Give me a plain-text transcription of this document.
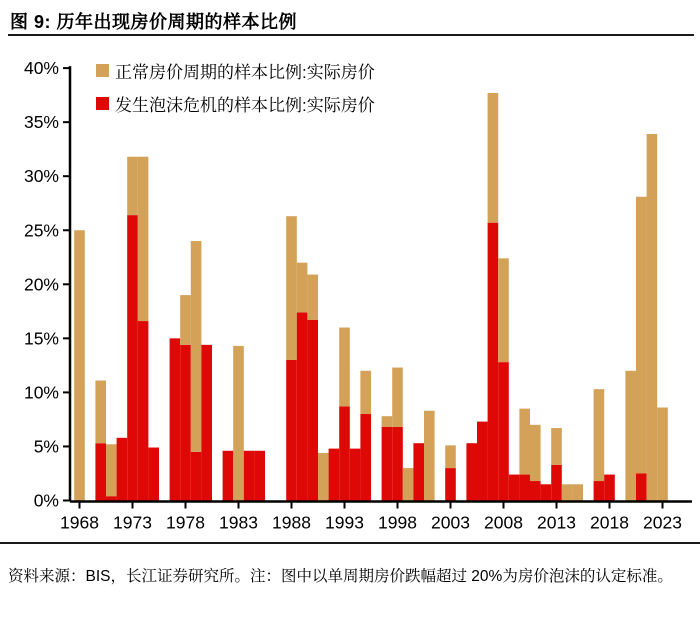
图 9: 历年出现房价周期的样本比例
0%
5%
10%
15%
20%
25%
30%
35%
40%
1968 1973 1978 1983 1988 1993 1998 2003 2008 2013 2018 2023
正常房价周期的样本比例:实际房价
发生泡沫危机的样本比例:实际房价
资料来源：BIS，长江证券研究所。注：图中以单周期房价跌幅超过 20%为房价泡沫的认定标准。
